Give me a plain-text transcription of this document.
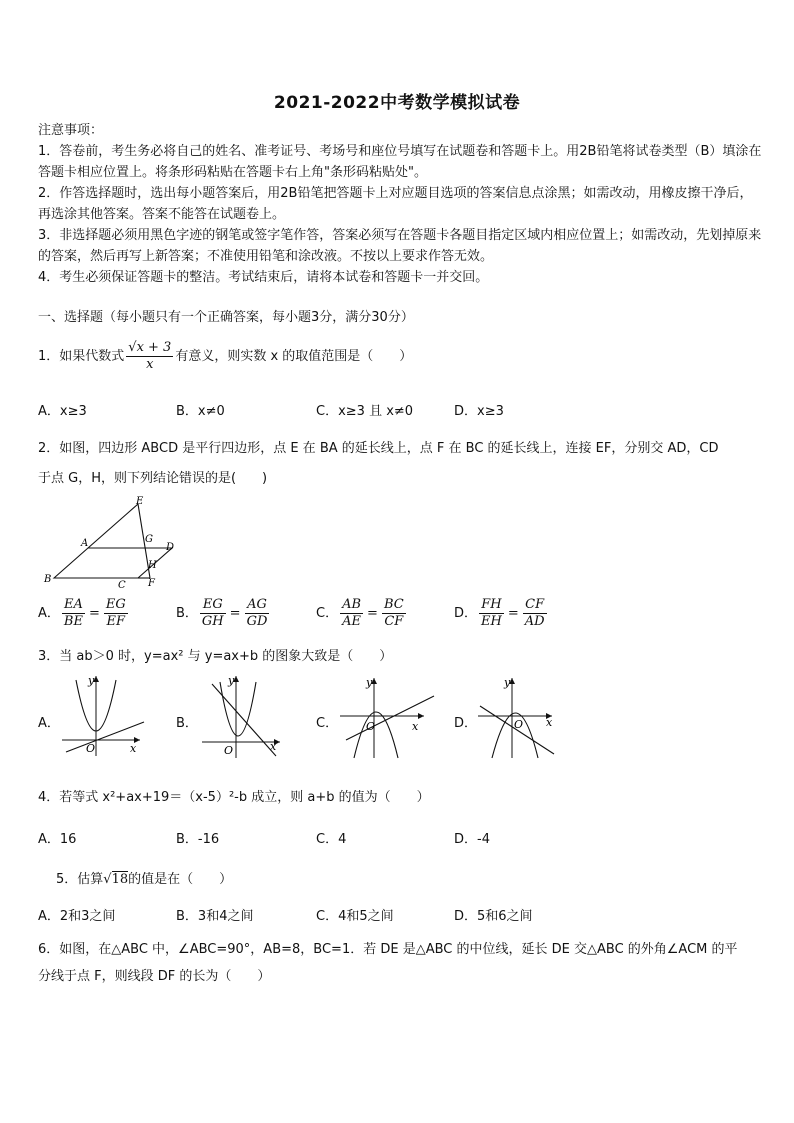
2021-2022中考数学模拟试卷
注意事项：
1．答卷前，考生务必将自己的姓名、准考证号、考场号和座位号填写在试题卷和答题卡上。用2B铅笔将试卷类型（B）填涂在答题卡相应位置上。将条形码粘贴在答题卡右上角"条形码粘贴处"。
2．作答选择题时，选出每小题答案后，用2B铅笔把答题卡上对应题目选项的答案信息点涂黑；如需改动，用橡皮擦干净后，再选涂其他答案。答案不能答在试题卷上。
3．非选择题必须用黑色字迹的钢笔或签字笔作答，答案必须写在答题卡各题目指定区域内相应位置上；如需改动，先划掉原来的答案，然后再写上新答案；不准使用铅笔和涂改液。不按以上要求作答无效。
4．考生必须保证答题卡的整洁。考试结束后，请将本试卷和答题卡一并交回。
一、选择题（每小题只有一个正确答案，每小题3分，满分30分）
1．如果代数式 $\frac{√x + 3}{x}$ 有意义，则实数 x 的取值范围是（　　）
A．x≥3	B．x≠0	C．x≥3 且 x≠0	D．x≥3
2．如图，四边形 ABCD 是平行四边形，点 E 在 BA 的延长线上，点 F 在 BC 的延长线上，连接 EF，分别交 AD，CD
于点 G，H，则下列结论错误的是(　　)
E
A	G
D
B
C
H
F
A． $\frac{EA}{BE} = \frac{EG}{EF}$	B． $\frac{EG}{GH} = \frac{AG}{GD}$	C． $\frac{AB}{AE} = \frac{BC}{CF}$	D． $\frac{FH}{EH} = \frac{CF}{AD}$
3．当 ab＞0 时，y=ax² 与 y=ax+b 的图象大致是（　　）
A．
O	x
y
B．
O	x
y
C．	O	x
y
D．	O x
y
4．若等式 x²+ax+19＝（x-5）²-b 成立，则 a+b 的值为（　　）
A．16	B．-16	C．4	D．-4
5．估算√18的值是在（　　）
A．2和3之间	B．3和4之间	C．4和5之间	D．5和6之间
6．如图，在△ABC 中，∠ABC=90°，AB=8，BC=1．若 DE 是△ABC 的中位线，延长 DE 交△ABC 的外角∠ACM 的平
分线于点 F，则线段 DF 的长为（　　）
